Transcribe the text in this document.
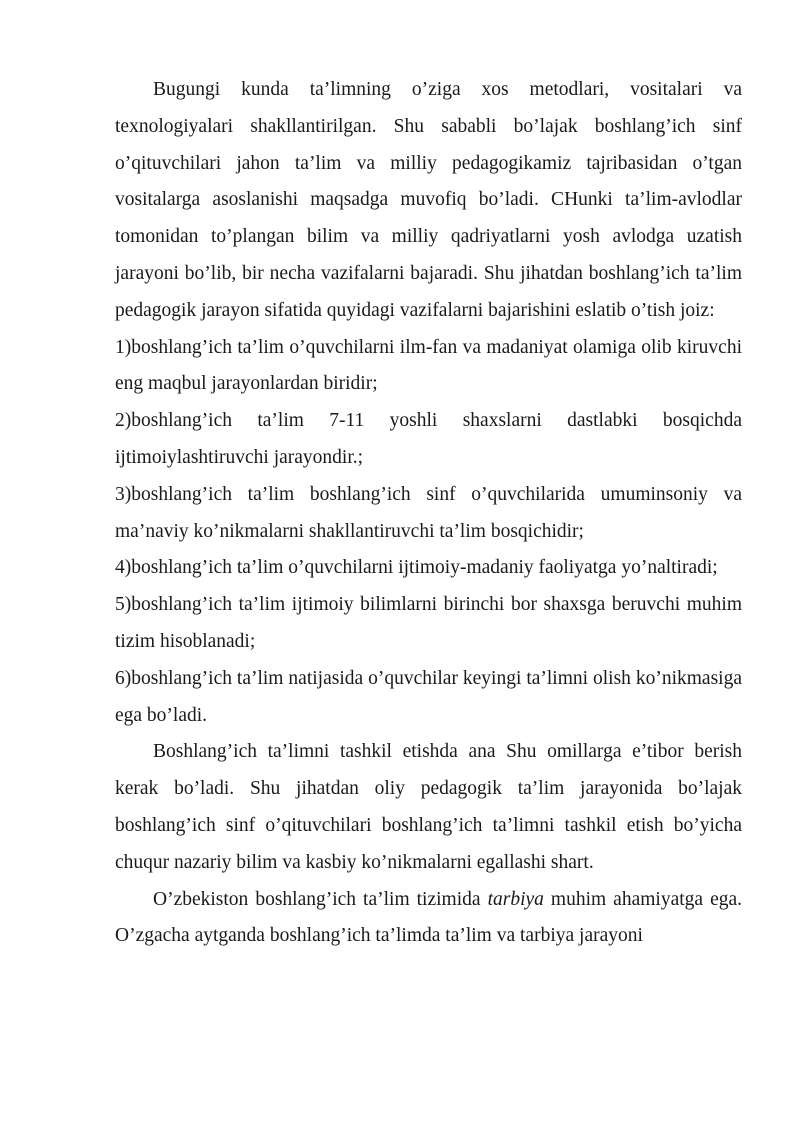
Bugungi kunda ta’limning o’ziga xos metodlari, vositalari va texnologiyalari shakllantirilgan. Shu sababli bo’lajak boshlang’ich sinf o’qituvchilari jahon ta’lim va milliy pedagogikamiz tajribasidan o’tgan vositalarga asoslanishi maqsadga muvofiq bo’ladi. CHunki ta’lim-avlodlar tomonidan to’plangan bilim va milliy qadriyatlarni yosh avlodga uzatish jarayoni bo’lib, bir necha vazifalarni bajaradi. Shu jihatdan boshlang’ich ta’lim pedagogik jarayon sifatida quyidagi vazifalarni bajarishini eslatib o’tish joiz:

1)boshlang’ich ta’lim o’quvchilarni ilm-fan va madaniyat olamiga olib kiruvchi eng maqbul jarayonlardan biridir;

2)boshlang’ich ta’lim 7-11 yoshli shaxslarni dastlabki bosqichda ijtimoiylashtiruvchi jarayondir.;

3)boshlang’ich ta’lim boshlang’ich sinf o’quvchilarida umuminsoniy va ma’naviy ko’nikmalarni shakllantiruvchi ta’lim bosqichidir;

4)boshlang’ich ta’lim o’quvchilarni ijtimoiy-madaniy faoliyatga yo’naltiradi;

5)boshlang’ich ta’lim ijtimoiy bilimlarni birinchi bor shaxsga beruvchi muhim tizim hisoblanadi;

6)boshlang’ich ta’lim natijasida o’quvchilar keyingi ta’limni olish ko’nikmasiga ega bo’ladi.

Boshlang’ich ta’limni tashkil etishda ana Shu omillarga e’tibor berish kerak bo’ladi. Shu jihatdan oliy pedagogik ta’lim jarayonida bo’lajak boshlang’ich sinf o’qituvchilari boshlang’ich ta’limni tashkil etish bo’yicha chuqur nazariy bilim va kasbiy ko’nikmalarni egallashi shart.

O’zbekiston boshlang’ich ta’lim tizimida tarbiya muhim ahamiyatga ega. O’zgacha aytganda boshlang’ich ta’limda ta’lim va tarbiya jarayoni
